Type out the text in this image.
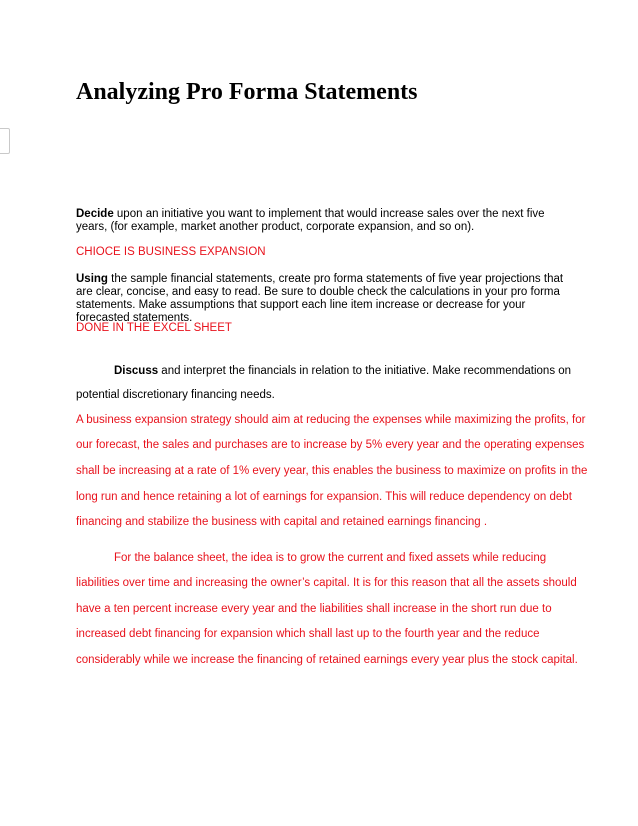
Analyzing Pro Forma Statements

Decide upon an initiative you want to implement that would increase sales over the next five years, (for example, market another product, corporate expansion, and so on).

CHIOCE IS BUSINESS EXPANSION

Using the sample financial statements, create pro forma statements of five year projections that are clear, concise, and easy to read. Be sure to double check the calculations in your pro forma statements. Make assumptions that support each line item increase or decrease for your forecasted statements.

DONE IN THE EXCEL SHEET

Discuss and interpret the financials in relation to the initiative. Make recommendations on

potential discretionary financing needs.

A business expansion strategy should aim at reducing the expenses while maximizing the profits, for

our forecast, the sales and purchases are to increase by 5% every year and the operating expenses

shall be increasing at a rate of 1% every year, this enables the business to maximize on profits in the

long run and hence retaining a lot of earnings for expansion. This will reduce dependency on debt

financing and stabilize the business with capital and retained earnings financing .

For the balance sheet, the idea is to grow the current and fixed assets while reducing

liabilities over time and increasing the owner’s capital. It is for this reason that all the assets should

have a ten percent increase every year and the liabilities shall increase in the short run due to

increased debt financing for expansion which shall last up to the fourth year and the reduce

considerably while we increase the financing of retained earnings every year plus the stock capital.
